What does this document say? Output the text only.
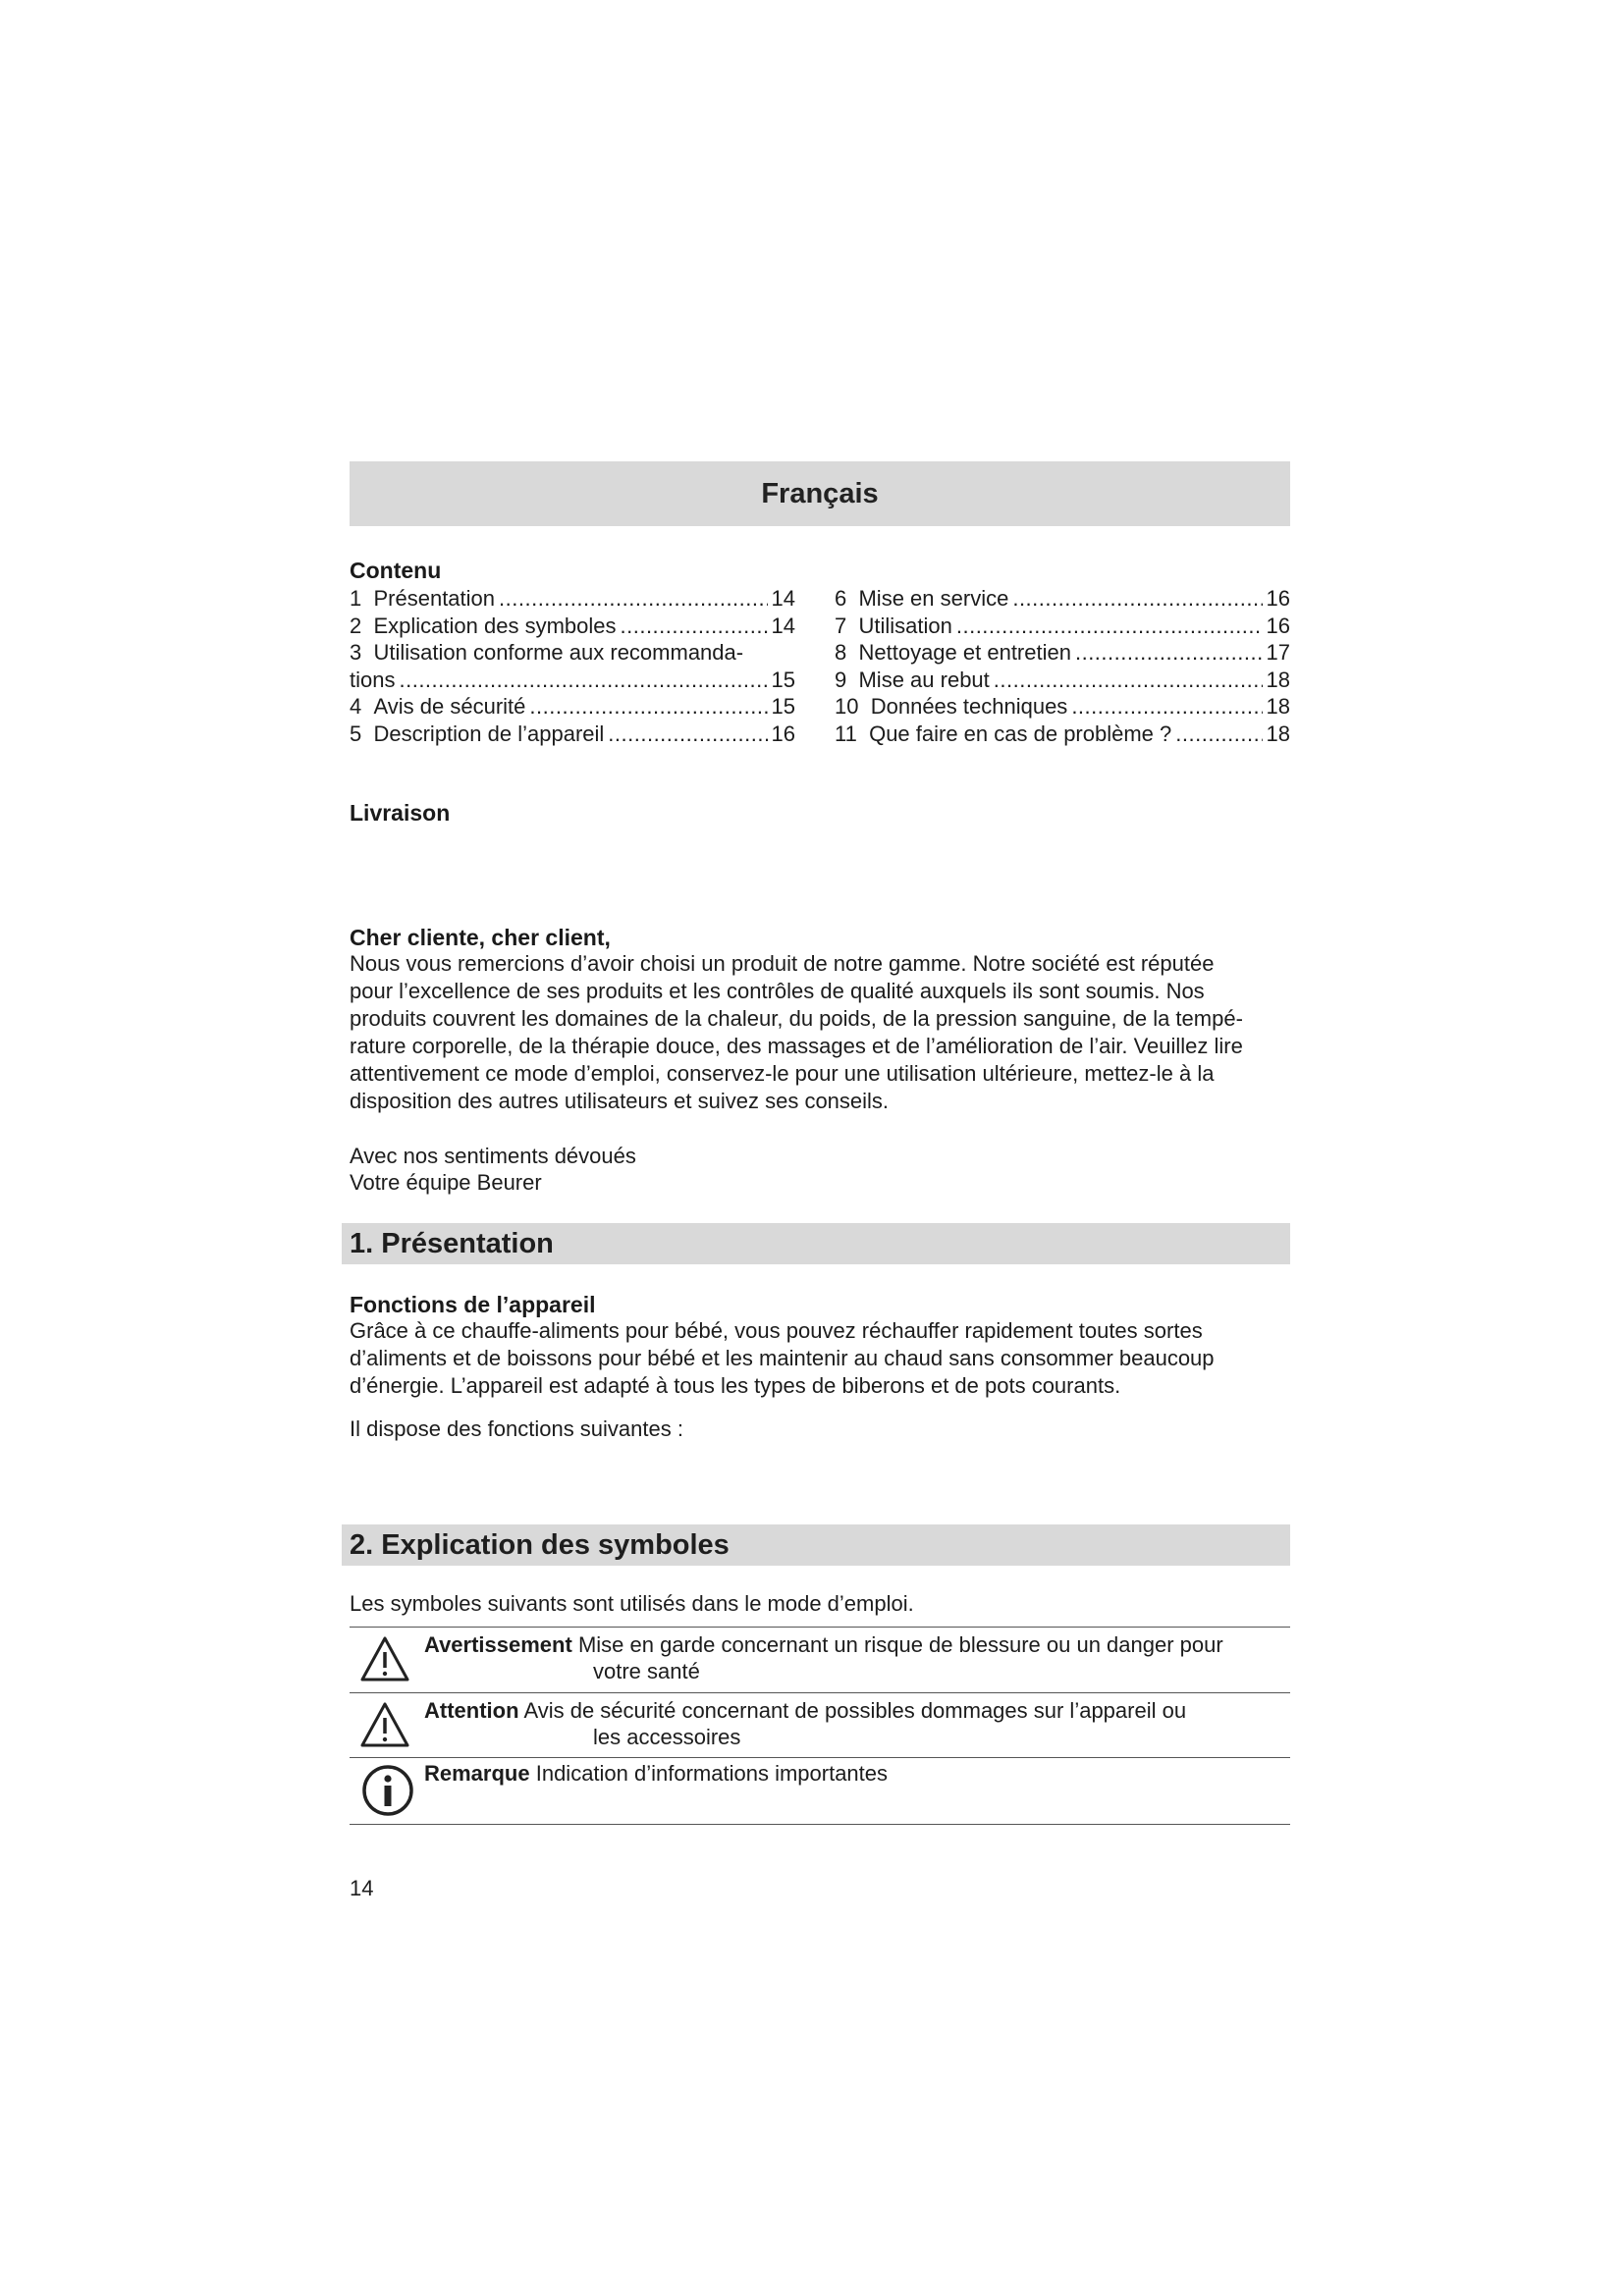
Français
Contenu
1
Présentation .....	14
2
Explication des symboles .....	14
3
Utilisation conforme aux recommanda-
tions .....	15
4
Avis de sécurité .....	15
5
Description de l’appareil .....	16
6
Mise en service .....	16
7
Utilisation .....	16
8
Nettoyage et entretien .....	17
9
Mise au rebut .....	18
10
Données techniques .....	18
11
Que faire en cas de problème ? .....	18
Livraison
Cher cliente, cher client,
Nous vous remercions d’avoir choisi un produit de notre gamme. Notre société est réputée
pour l’excellence de ses produits et les contrôles de qualité auxquels ils sont soumis. Nos
produits couvrent les domaines de la chaleur, du poids, de la pression sanguine, de la tempé-
rature corporelle, de la thérapie douce, des massages et de l’amélioration de l’air. Veuillez lire
attentivement ce mode d’emploi, conservez-le pour une utilisation ultérieure, mettez-le à la
disposition des autres utilisateurs et suivez ses conseils.
Avec nos sentiments dévoués
Votre équipe Beurer
1. Présentation
Fonctions de l’appareil
Grâce à ce chauffe-aliments pour bébé, vous pouvez réchauffer rapidement toutes sortes
d’aliments et de boissons pour bébé et les maintenir au chaud sans consommer beaucoup
d’énergie. L’appareil est adapté à tous les types de biberons et de pots courants.
Il dispose des fonctions suivantes :
2. Explication des symboles
Les symboles suivants sont utilisés dans le mode d’emploi.
Avertissement Mise en garde concernant un risque de blessure ou un danger pour
votre santé
Attention Avis de sécurité concernant de possibles dommages sur l’appareil ou
les accessoires
Remarque Indication d’informations importantes
14
